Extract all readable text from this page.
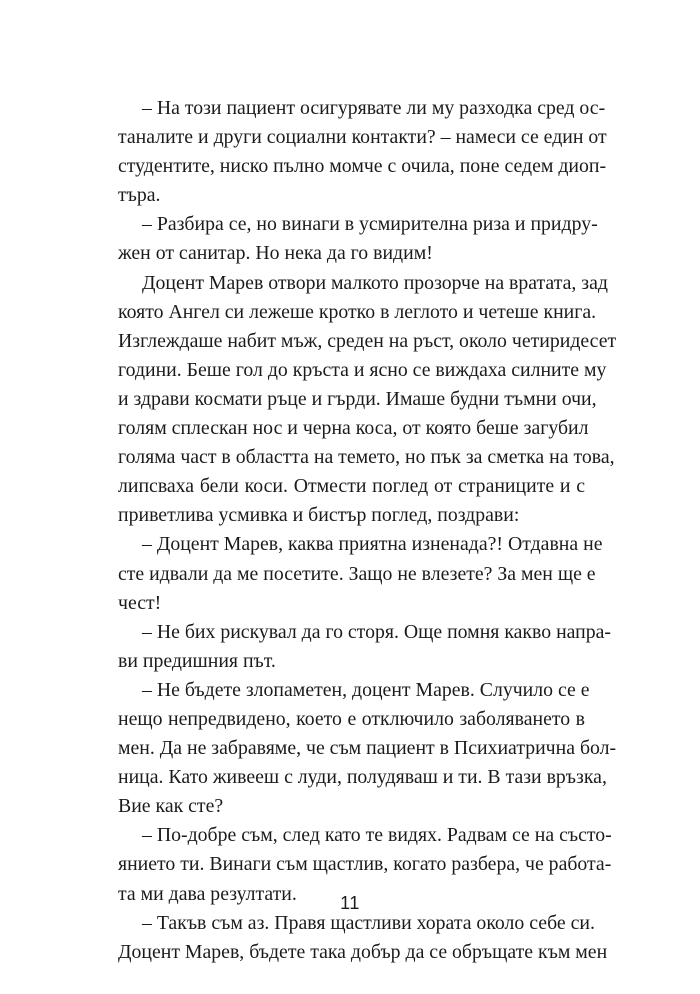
– На този пациент осигурявате ли му разходка сред ос-
таналите и други социални контакти? – намеси се един от
студентите, ниско пълно момче с очила, поне седем диоп-
търа.
– Разбира се, но винаги в усмирителна риза и придру-
жен от санитар. Но нека да го видим!
Доцент Марев отвори малкото прозорче на вратата, зад
която Ангел си лежеше кротко в леглото и четеше книга.
Изглеждаше набит мъж, среден на ръст, около четиридесет
години. Беше гол до кръста и ясно се виждаха силните му
и здрави космати ръце и гърди. Имаше будни тъмни очи,
голям сплескан нос и черна коса, от която беше загубил
голяма част в областта на темето, но пък за сметка на това,
липсваха бели коси. Отмести поглед от страниците и с
приветлива усмивка и бистър поглед, поздрави:
– Доцент Марев, каква приятна изненада?! Отдавна не
сте идвали да ме посетите. Защо не влезете? За мен ще е
чест!
– Не бих рискувал да го сторя. Още помня какво напра-
ви предишния път.
– Не бъдете злопаметен, доцент Марев. Случило се е
нещо непредвидено, което е отключило заболяването в
мен. Да не забравяме, че съм пациент в Психиатрична бол-
ница. Като живееш с луди, полудяваш и ти. В тази връзка,
Вие как сте?
– По-добре съм, след като те видях. Радвам се на състо-
янието ти. Винаги съм щастлив, когато разбера, че работа-
та ми дава резултати.
– Такъв съм аз. Правя щастливи хората около себе си.
Доцент Марев, бъдете така добър да се обръщате към мен
11
